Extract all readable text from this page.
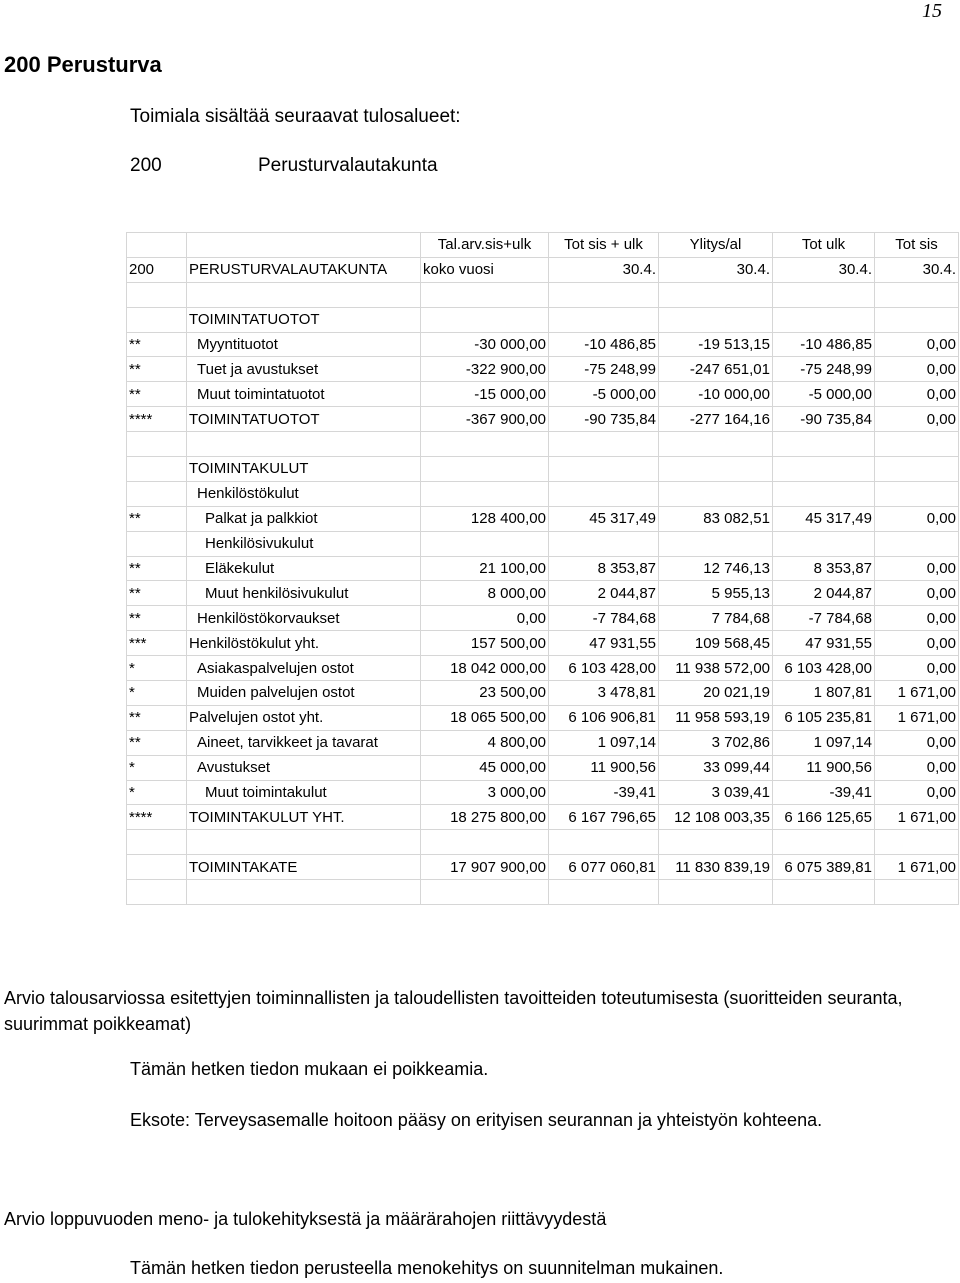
15
200 Perusturva
Toimiala sisältää seuraavat tulosalueet:
200	Perusturvalautakunta
		Tal.arv.sis+ulk	Tot sis + ulk	Ylitys/al	Tot ulk	Tot sis
200	PERUSTURVALAUTAKUNTA	koko vuosi	30.4.	30.4.	30.4.	30.4.

	TOIMINTATUOTOT					
**	Myyntituotot	-30 000,00	-10 486,85	-19 513,15	-10 486,85	0,00
**	Tuet ja avustukset	-322 900,00	-75 248,99	-247 651,01	-75 248,99	0,00
**	Muut toimintatuotot	-15 000,00	-5 000,00	-10 000,00	-5 000,00	0,00
****	TOIMINTATUOTOT	-367 900,00	-90 735,84	-277 164,16	-90 735,84	0,00

	TOIMINTAKULUT					
	Henkilöstökulut					
**	Palkat ja palkkiot	128 400,00	45 317,49	83 082,51	45 317,49	0,00
	Henkilösivukulut					
**	Eläkekulut	21 100,00	8 353,87	12 746,13	8 353,87	0,00
**	Muut henkilösivukulut	8 000,00	2 044,87	5 955,13	2 044,87	0,00
**	Henkilöstökorvaukset	0,00	-7 784,68	7 784,68	-7 784,68	0,00
***	Henkilöstökulut yht.	157 500,00	47 931,55	109 568,45	47 931,55	0,00
*	Asiakaspalvelujen ostot	18 042 000,00	6 103 428,00	11 938 572,00	6 103 428,00	0,00
*	Muiden palvelujen ostot	23 500,00	3 478,81	20 021,19	1 807,81	1 671,00
**	Palvelujen ostot yht.	18 065 500,00	6 106 906,81	11 958 593,19	6 105 235,81	1 671,00
**	Aineet, tarvikkeet ja tavarat	4 800,00	1 097,14	3 702,86	1 097,14	0,00
*	Avustukset	45 000,00	11 900,56	33 099,44	11 900,56	0,00
*	Muut toimintakulut	3 000,00	-39,41	3 039,41	-39,41	0,00
****	TOIMINTAKULUT YHT.	18 275 800,00	6 167 796,65	12 108 003,35	6 166 125,65	1 671,00

	TOIMINTAKATE	17 907 900,00	6 077 060,81	11 830 839,19	6 075 389,81	1 671,00

Arvio talousarviossa esitettyjen toiminnallisten ja taloudellisten tavoitteiden toteutumisesta (suoritteiden seuranta, suurimmat poikkeamat)
Tämän hetken tiedon mukaan ei poikkeamia.
Eksote: Terveysasemalle hoitoon pääsy on erityisen seurannan ja yhteistyön kohteena.
Arvio loppuvuoden meno- ja tulokehityksestä ja määrärahojen riittävyydestä
Tämän hetken tiedon perusteella menokehitys on suunnitelman mukainen.
